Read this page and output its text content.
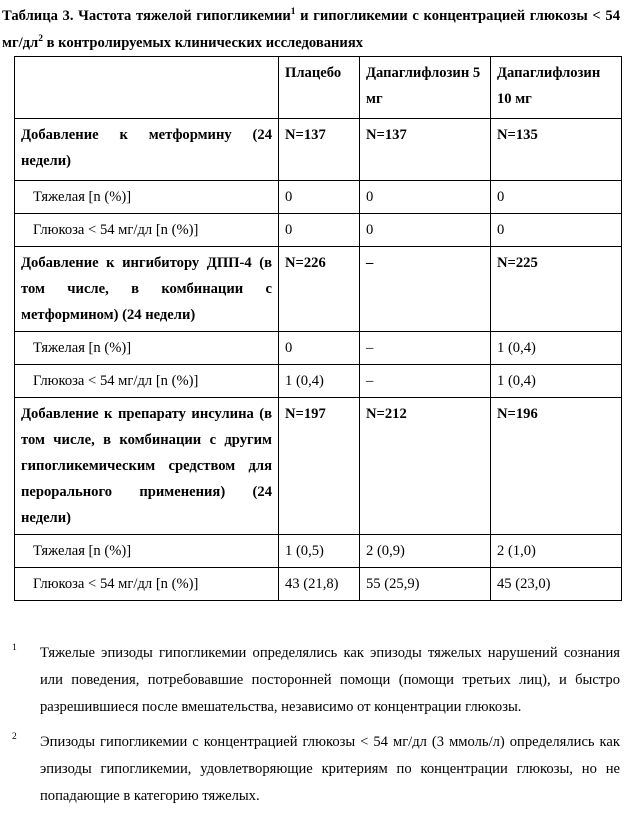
Таблица 3. Частота тяжелой гипогликемии$^1$ и гипогликемии с концентрацией глюкозы < 54 $мг/дл^2$ в контролируемых клинических исследованиях
	Плацебо	Дапаглифлозин 5 мг	Дапаглифлозин 10 мг
Добавление к метформину (24 недели)	N=137	N=137	N=135
Тяжелая [n (%)]	0	0	0
Глюкоза < 54 мг/дл [n (%)]	0	0	0
Добавление к ингибитору ДПП-4 (в том числе, в комбинации с метформином) (24 недели)	N=226	–	N=225
Тяжелая [n (%)]	0	–	1 (0,4)
Глюкоза < 54 мг/дл [n (%)]	1 (0,4)	–	1 (0,4)
Добавление к препарату инсулина (в том числе, в комбинации с другим гипогликемическим средством для перорального применения) (24 недели)	N=197	N=212	N=196
Тяжелая [n (%)]	1 (0,5)	2 (0,9)	2 (1,0)
Глюкоза < 54 мг/дл [n (%)]	43 (21,8)	55 (25,9)	45 (23,0)
1 Тяжелые эпизоды гипогликемии определялись как эпизоды тяжелых нарушений сознания или поведения, потребовавшие посторонней помощи (помощи третьих лиц), и быстро разрешившиеся после вмешательства, независимо от концентрации глюкозы.
2 Эпизоды гипогликемии с концентрацией глюкозы < 54 мг/дл (3 ммоль/л) определялись как эпизоды гипогликемии, удовлетворяющие критериям по концентрации глюкозы, но не попадающие в категорию тяжелых.
